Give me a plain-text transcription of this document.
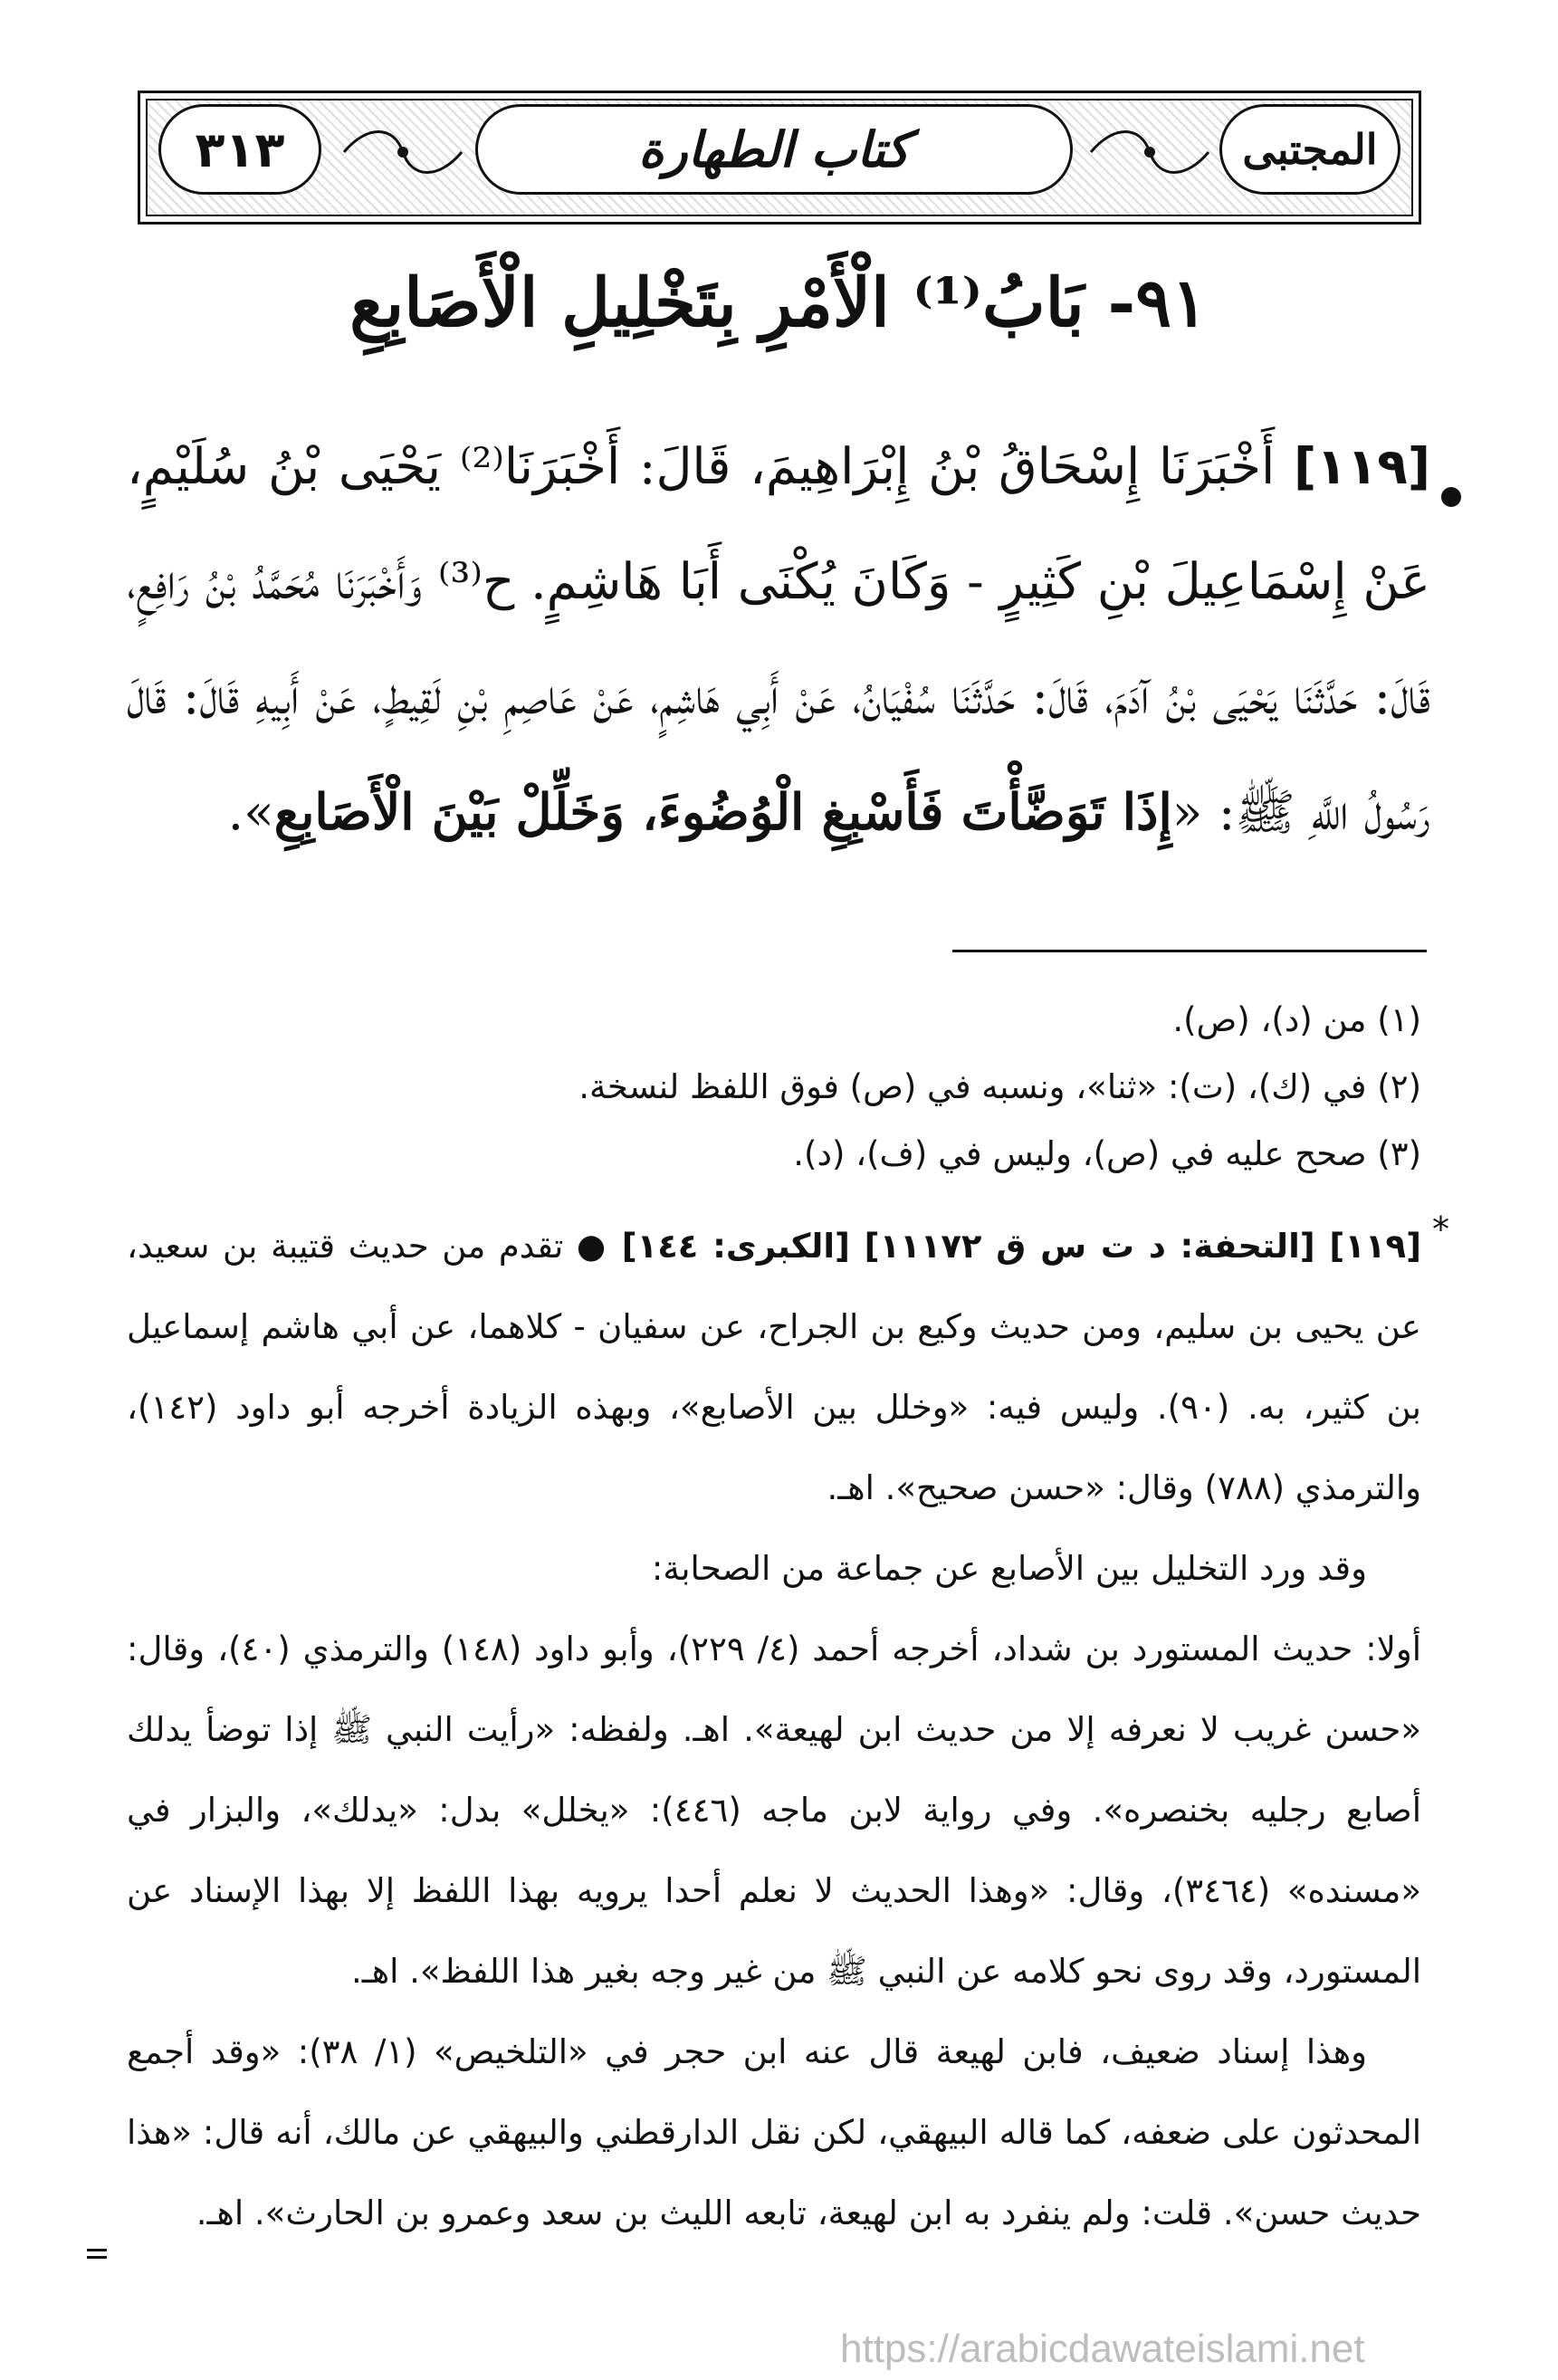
٣١٣	كتاب الطهارة	المجتبى
٩١- بَابُ⁽¹⁾ الْأَمْرِ بِتَخْلِيلِ الْأَصَابِعِ
[١١٩] أَخْبَرَنَا إِسْحَاقُ بْنُ إِبْرَاهِيمَ، قَالَ: أَخْبَرَنَا⁽²⁾ يَحْيَى بْنُ سُلَيْمٍ، عَنْ إِسْمَاعِيلَ بْنِ كَثِيرٍ - وَكَانَ يُكْنَى أَبَا هَاشِمٍ. ح⁽³⁾ وَأَخْبَرَنَا مُحَمَّدُ بْنُ رَافِعٍ، قَالَ: حَدَّثَنَا يَحْيَى بْنُ آدَمَ، قَالَ: حَدَّثَنَا سُفْيَانُ، عَنْ أَبِي هَاشِمٍ، عَنْ عَاصِمِ بْنِ لَقِيطٍ، عَنْ أَبِيهِ قَالَ: قَالَ رَسُولُ اللَّهِ ﷺ: «إِذَا تَوَضَّأْتَ فَأَسْبِغِ الْوُضُوءَ، وَخَلِّلْ بَيْنَ الْأَصَابِعِ».
(١) من (د)، (ص).
(٢) في (ك)، (ت): «ثنا»، ونسبه في (ص) فوق اللفظ لنسخة.
(٣) صحح عليه في (ص)، وليس في (ف)، (د).
*

[١١٩] [التحفة: د ت س ق ١١١٧٢] [الكبرى: ١٤٤] ● تقدم من حديث قتيبة بن سعيد، عن يحيى بن سليم، ومن حديث وكيع بن الجراح، عن سفيان - كلاهما، عن أبي هاشم إسماعيل بن كثير، به. (٩٠). وليس فيه: «وخلل بين الأصابع»، وبهذه الزيادة أخرجه أبو داود (١٤٢)، والترمذي (٧٨٨) وقال: «حسن صحيح». اهـ.

وقد ورد التخليل بين الأصابع عن جماعة من الصحابة:

أولا: حديث المستورد بن شداد، أخرجه أحمد (٤/ ٢٢٩)، وأبو داود (١٤٨) والترمذي (٤٠)، وقال: «حسن غريب لا نعرفه إلا من حديث ابن لهيعة». اهـ. ولفظه: «رأيت النبي ﷺ إذا توضأ يدلك أصابع رجليه بخنصره». وفي رواية لابن ماجه (٤٤٦): «يخلل» بدل: «يدلك»، والبزار في «مسنده» (٣٤٦٤)، وقال: «وهذا الحديث لا نعلم أحدا يرويه بهذا اللفظ إلا بهذا الإسناد عن المستورد، وقد روى نحو كلامه عن النبي ﷺ من غير وجه بغير هذا اللفظ». اهـ.

وهذا إسناد ضعيف، فابن لهيعة قال عنه ابن حجر في «التلخيص» (١/ ٣٨): «وقد أجمع المحدثون على ضعفه، كما قاله البيهقي، لكن نقل الدارقطني والبيهقي عن مالك، أنه قال: «هذا حديث حسن». قلت: ولم ينفرد به ابن لهيعة، تابعه الليث بن سعد وعمرو بن الحارث». اهـ.

https://arabicdawateislami.net
